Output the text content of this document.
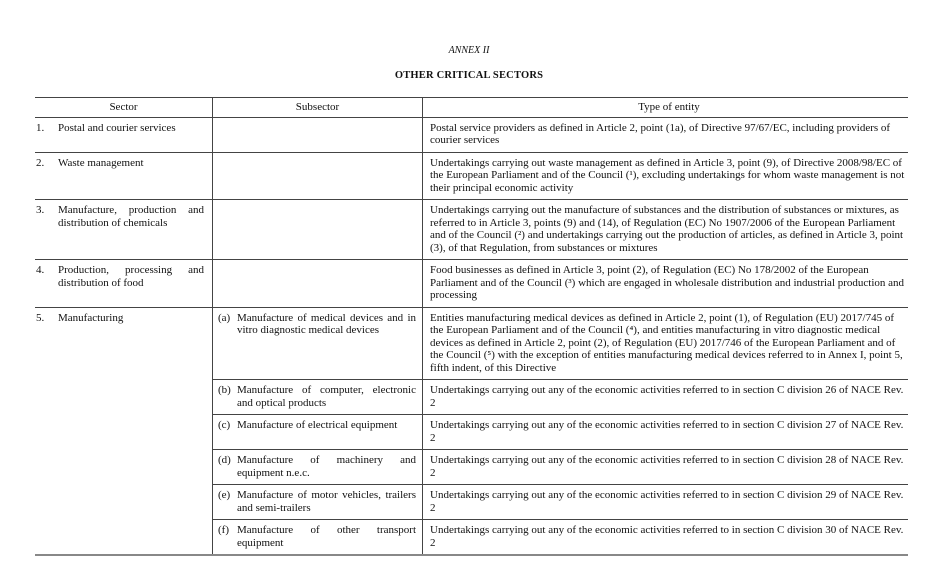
ANNEX II
OTHER CRITICAL SECTORS
Sector	Subsector	Type of entity

1. Postal and courier services		Postal service providers as defined in Article 2, point (1a), of Directive 97/67/EC, including providers of courier services

2. Waste management		Undertakings carrying out waste management as defined in Article 3, point (9), of Directive 2008/98/EC of the European Parliament and of the Council (¹), excluding undertakings for whom waste management is not their principal economic activity

3. Manufacture, production and distribution of chemicals		Undertakings carrying out the manufacture of substances and the distribution of substances or mixtures, as referred to in Article 3, points (9) and (14), of Regulation (EC) No 1907/2006 of the European Parliament and of the Council (²) and undertakings carrying out the production of articles, as defined in Article 3, point (3), of that Regulation, from substances or mixtures

4. Production, processing and distribution of food		Food businesses as defined in Article 3, point (2), of Regulation (EC) No 178/2002 of the European Parliament and of the Council (³) which are engaged in wholesale distribution and industrial production and processing

5. Manufacturing	(a) Manufacture of medical devices and in vitro diagnostic medical devices	Entities manufacturing medical devices as defined in Article 2, point (1), of Regulation (EU) 2017/745 of the European Parliament and of the Council (⁴), and entities manufacturing in vitro diagnostic medical devices as defined in Article 2, point (2), of Regulation (EU) 2017/746 of the European Parliament and of the Council (⁵) with the exception of entities manufacturing medical devices referred to in Annex I, point 5, fifth indent, of this Directive

	(b) Manufacture of computer, electronic and optical products	Undertakings carrying out any of the economic activities referred to in section C division 26 of NACE Rev. 2

	(c) Manufacture of electrical equipment	Undertakings carrying out any of the economic activities referred to in section C division 27 of NACE Rev. 2

	(d) Manufacture of machinery and equipment n.e.c.	Undertakings carrying out any of the economic activities referred to in section C division 28 of NACE Rev. 2

	(e) Manufacture of motor vehicles, trailers and semi-trailers	Undertakings carrying out any of the economic activities referred to in section C division 29 of NACE Rev. 2

	(f) Manufacture of other transport equipment	Undertakings carrying out any of the economic activities referred to in section C division 30 of NACE Rev. 2
